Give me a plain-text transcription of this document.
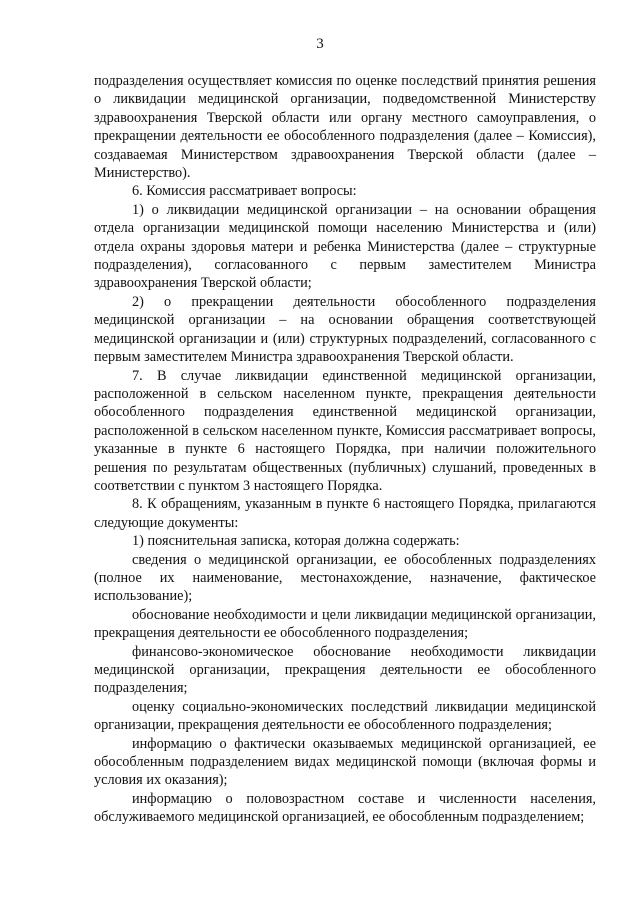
3

подразделения осуществляет комиссия по оценке последствий принятия решения о ликвидации медицинской организации, подведомственной Министерству здравоохранения Тверской области или органу местного самоуправления, о прекращении деятельности ее обособленного подразделения (далее – Комиссия), создаваемая Министерством здравоохранения Тверской области (далее – Министерство).

6. Комиссия рассматривает вопросы:

1) о ликвидации медицинской организации – на основании обращения отдела организации медицинской помощи населению Министерства и (или) отдела охраны здоровья матери и ребенка Министерства (далее – структурные подразделения), согласованного с первым заместителем Министра здравоохранения Тверской области;

2) о прекращении деятельности обособленного подразделения медицинской организации – на основании обращения соответствующей медицинской организации и (или) структурных подразделений, согласованного с первым заместителем Министра здравоохранения Тверской области.

7. В случае ликвидации единственной медицинской организации, расположенной в сельском населенном пункте, прекращения деятельности обособленного подразделения единственной медицинской организации, расположенной в сельском населенном пункте, Комиссия рассматривает вопросы, указанные в пункте 6 настоящего Порядка, при наличии положительного решения по результатам общественных (публичных) слушаний, проведенных в соответствии с пунктом 3 настоящего Порядка.

8. К обращениям, указанным в пункте 6 настоящего Порядка, прилагаются следующие документы:

1) пояснительная записка, которая должна содержать:

сведения о медицинской организации, ее обособленных подразделениях (полное их наименование, местонахождение, назначение, фактическое использование);

обоснование необходимости и цели ликвидации медицинской организации, прекращения деятельности ее обособленного подразделения;

финансово-экономическое обоснование необходимости ликвидации медицинской организации, прекращения деятельности ее обособленного подразделения;

оценку социально-экономических последствий ликвидации медицинской организации, прекращения деятельности ее обособленного подразделения;

информацию о фактически оказываемых медицинской организацией, ее обособленным подразделением видах медицинской помощи (включая формы и условия их оказания);

информацию о половозрастном составе и численности населения, обслуживаемого медицинской организацией, ее обособленным подразделением;
